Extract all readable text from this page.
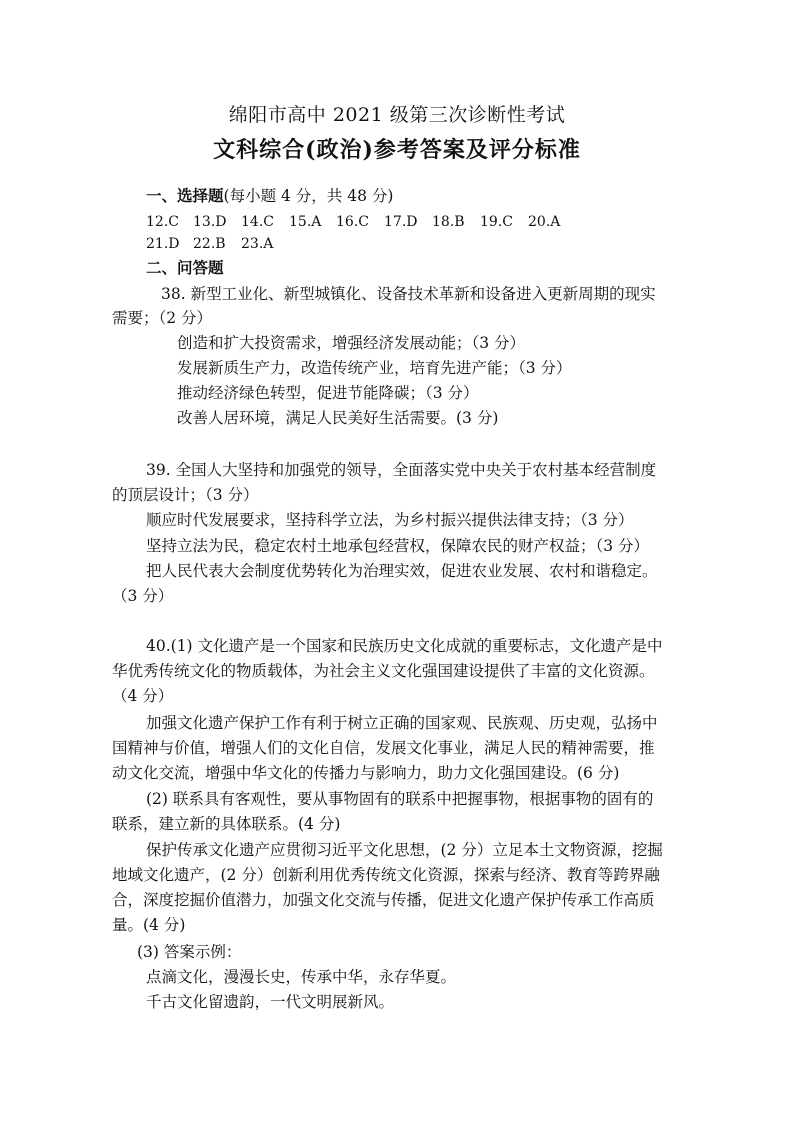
绵阳市高中 2021 级第三次诊断性考试
文科综合(政治)参考答案及评分标准
一、选择题(每小题 4 分，共 48 分)
12.C 13.D 14.C 15.A 16.C 17.D 18.B 19.C 20.A
21.D 22.B 23.A
二、问答题
38. 新型工业化、新型城镇化、设备技术革新和设备进入更新周期的现实
需要；（2 分）
创造和扩大投资需求，增强经济发展动能；（3 分）
发展新质生产力，改造传统产业，培育先进产能；（3 分）
推动经济绿色转型，促进节能降碳；（3 分）
改善人居环境，满足人民美好生活需要。(3 分)
39. 全国人大坚持和加强党的领导，全面落实党中央关于农村基本经营制度
的顶层设计；（3 分）
顺应时代发展要求，坚持科学立法，为乡村振兴提供法律支持；（3 分）
坚持立法为民，稳定农村土地承包经营权，保障农民的财产权益；（3 分）
把人民代表大会制度优势转化为治理实效，促进农业发展、农村和谐稳定。
（3 分）
40.(1) 文化遗产是一个国家和民族历史文化成就的重要标志，文化遗产是中
华优秀传统文化的物质载体，为社会主义文化强国建设提供了丰富的文化资源。
（4 分）
加强文化遗产保护工作有利于树立正确的国家观、民族观、历史观，弘扬中
国精神与价值，增强人们的文化自信，发展文化事业，满足人民的精神需要，推
动文化交流，增强中华文化的传播力与影响力，助力文化强国建设。(6 分)
(2) 联系具有客观性，要从事物固有的联系中把握事物，根据事物的固有的
联系，建立新的具体联系。(4 分)
保护传承文化遗产应贯彻习近平文化思想，(2 分）立足本土文物资源，挖掘
地域文化遗产，(2 分）创新利用优秀传统文化资源，探索与经济、教育等跨界融
合，深度挖掘价值潜力，加强文化交流与传播，促进文化遗产保护传承工作高质
量。(4 分)
(3) 答案示例：
点滴文化，漫漫长史，传承中华，永存华夏。
千古文化留遗韵，一代文明展新风。
